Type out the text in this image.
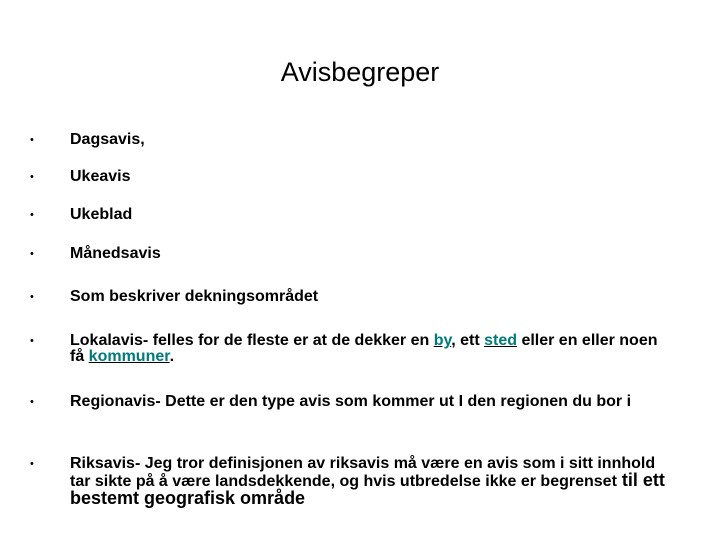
Avisbegreper
• Dagsavis,
• Ukeavis
• Ukeblad
• Månedsavis
• Som beskriver dekningsområdet
• Lokalavis- felles for de fleste er at de dekker en by, ett sted eller en eller noen få kommuner.
• Regionavis- Dette er den type avis som kommer ut I den regionen du bor i
• Riksavis- Jeg tror definisjonen av riksavis må være en avis som i sitt innhold tar sikte på å være landsdekkende, og hvis utbredelse ikke er begrenset til ett bestemt geografisk område
